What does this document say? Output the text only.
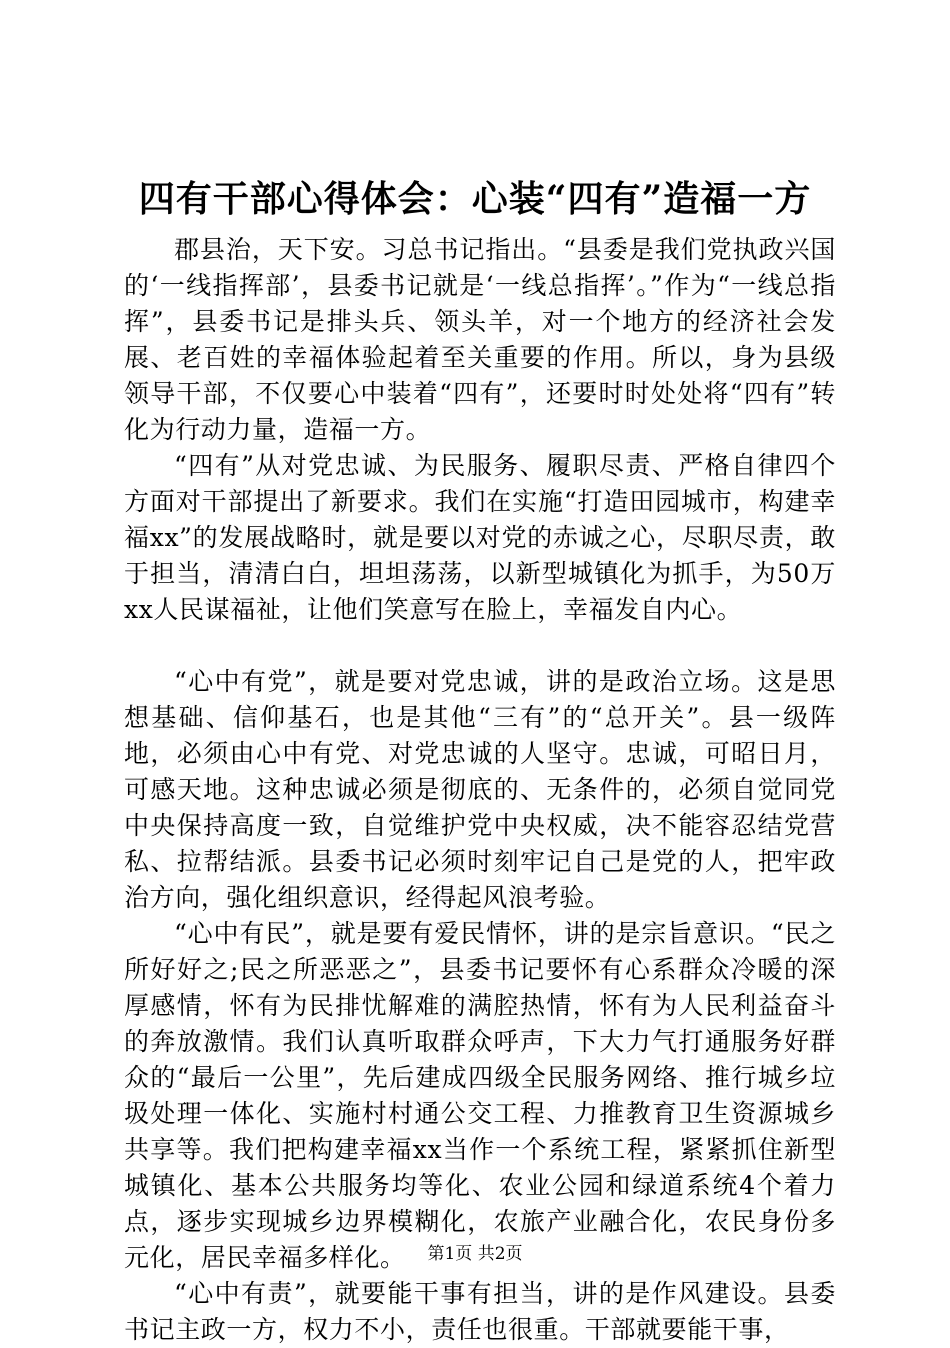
四有干部心得体会：心装“四有”造福一方

郡县治，天下安。习总书记指出。“县委是我们党执政兴国的‘一线指挥部’，县委书记就是‘一线总指挥’。”作为“一线总指挥”，县委书记是排头兵、领头羊，对一个地方的经济社会发展、老百姓的幸福体验起着至关重要的作用。所以，身为县级领导干部，不仅要心中装着“四有”，还要时时处处将“四有”转化为行动力量，造福一方。

“四有”从对党忠诚、为民服务、履职尽责、严格自律四个方面对干部提出了新要求。我们在实施“打造田园城市，构建幸福xx”的发展战略时，就是要以对党的赤诚之心，尽职尽责，敢于担当，清清白白，坦坦荡荡，以新型城镇化为抓手，为50万xx人民谋福祉，让他们笑意写在脸上，幸福发自内心。

“心中有党”，就是要对党忠诚，讲的是政治立场。这是思想基础、信仰基石，也是其他“三有”的“总开关”。县一级阵地，必须由心中有党、对党忠诚的人坚守。忠诚，可昭日月，可感天地。这种忠诚必须是彻底的、无条件的，必须自觉同党中央保持高度一致，自觉维护党中央权威，决不能容忍结党营私、拉帮结派。县委书记必须时刻牢记自己是党的人，把牢政治方向，强化组织意识，经得起风浪考验。

“心中有民”，就是要有爱民情怀，讲的是宗旨意识。“民之所好好之;民之所恶恶之”，县委书记要怀有心系群众冷暖的深厚感情，怀有为民排忧解难的满腔热情，怀有为人民利益奋斗的奔放激情。我们认真听取群众呼声，下大力气打通服务好群众的“最后一公里”，先后建成四级全民服务网络、推行城乡垃圾处理一体化、实施村村通公交工程、力推教育卫生资源城乡共享等。我们把构建幸福xx当作一个系统工程，紧紧抓住新型城镇化、基本公共服务均等化、农业公园和绿道系统4个着力点，逐步实现城乡边界模糊化，农旅产业融合化，农民身份多元化，居民幸福多样化。

“心中有责”，就要能干事有担当，讲的是作风建设。县委书记主政一方，权力不小，责任也很重。干部就要能干事，

第1页 共2页
